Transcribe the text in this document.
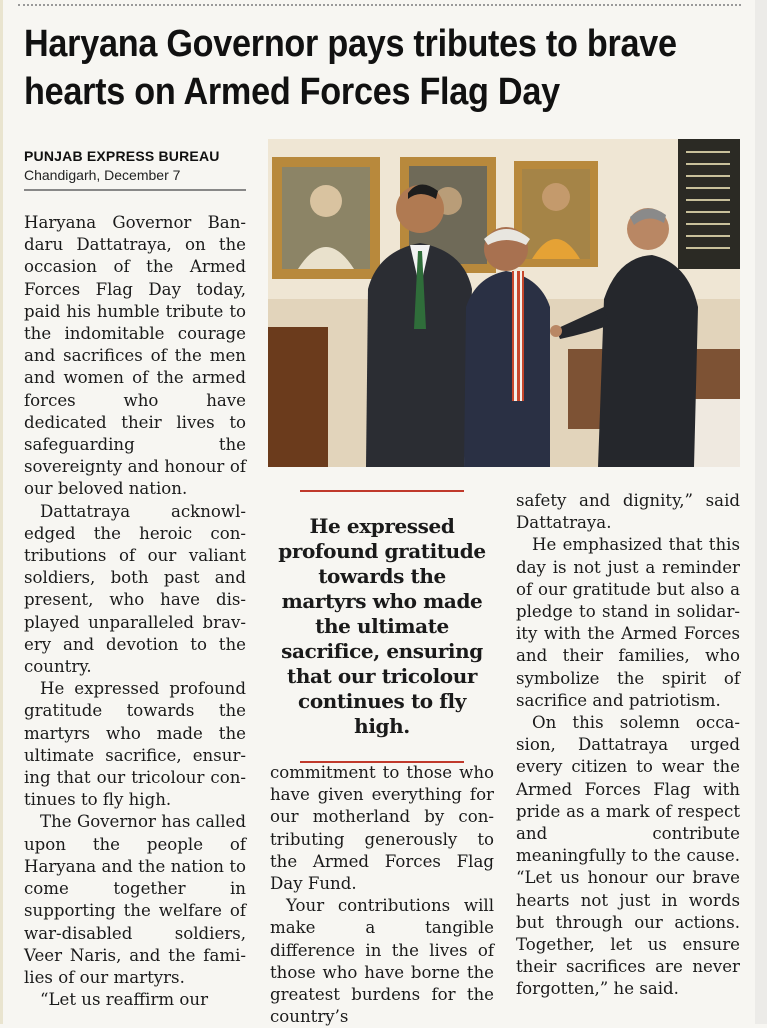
Haryana Governor pays tributes to brave hearts on Armed Forces Flag Day
PUNJAB EXPRESS BUREAU
Chandigarh, December 7

Haryana Governor Bandaru Dattatraya, on the occasion of the Armed Forces Flag Day today, paid his humble tribute to the indomitable courage and sacrifices of the men and women of the armed forces who have dedicated their lives to safeguarding the sovereignty and honour of our beloved nation.

Dattatraya acknowledged the heroic contributions of our valiant soldiers, both past and present, who have displayed unparalleled bravery and devotion to the country.

He expressed profound gratitude towards the martyrs who made the ultimate sacrifice, ensuring that our tricolour continues to fly high.

The Governor has called upon the people of Haryana and the nation to come together in supporting the welfare of war-disabled soldiers, Veer Naris, and the families of our martyrs.

“Let us reaffirm our

He expressed profound gratitude towards the martyrs who made the ultimate sacrifice, ensuring that our tricolour continues to fly high.

commitment to those who have given everything for our motherland by contributing generously to the Armed Forces Flag Day Fund.

Your contributions will make a tangible difference in the lives of those who have borne the greatest burdens for the country’s

safety and dignity,” said Dattatraya.

He emphasized that this day is not just a reminder of our gratitude but also a pledge to stand in solidarity with the Armed Forces and their families, who symbolize the spirit of sacrifice and patriotism.

On this solemn occasion, Dattatraya urged every citizen to wear the Armed Forces Flag with pride as a mark of respect and contribute meaningfully to the cause. “Let us honour our brave hearts not just in words but through our actions. Together, let us ensure their sacrifices are never forgotten,” he said.
